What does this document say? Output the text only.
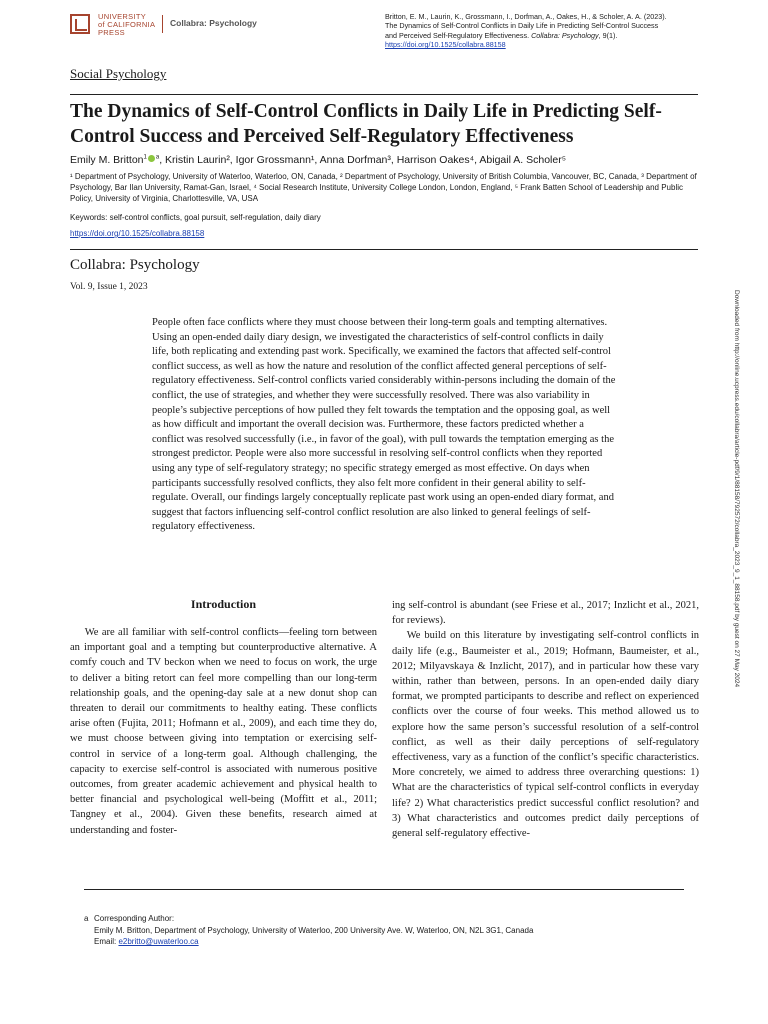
UNIVERSITY
of CALIFORNIA
PRESS
Collabra: Psychology
Britton, E. M., Laurin, K., Grossmann, I., Dorfman, A., Oakes, H., & Scholer, A. A. (2023).
The Dynamics of Self-Control Conflicts in Daily Life in Predicting Self-Control Success
and Perceived Self-Regulatory Effectiveness. Collabra: Psychology, 9(1).
https://doi.org/10.1525/collabra.88158
Social Psychology
The Dynamics of Self-Control Conflicts in Daily Life in Predicting Self-Control Success and Perceived Self-Regulatory Effectiveness
Emily M. Britton$^1$ $^a$, Kristin Laurin², Igor Grossmann¹, Anna Dorfman³, Harrison Oakes⁴, Abigail A. Scholer⁵
¹ Department of Psychology, University of Waterloo, Waterloo, ON, Canada, ² Department of Psychology, University of British Columbia, Vancouver, BC, Canada, ³ Department of Psychology, Bar Ilan University, Ramat-Gan, Israel, ⁴ Social Research Institute, University College London, London, England, ⁵ Frank Batten School of Leadership and Public Policy, University of Virginia, Charlottesville, VA, USA
Keywords: self-control conflicts, goal pursuit, self-regulation, daily diary
https://doi.org/10.1525/collabra.88158
Collabra: Psychology
Vol. 9, Issue 1, 2023
People often face conflicts where they must choose between their long-term goals and tempting alternatives. Using an open-ended daily diary design, we investigated the characteristics of self-control conflicts in daily life, both replicating and extending past work. Specifically, we examined the factors that affected self-control conflict success, as well as how the nature and resolution of the conflict affected general perceptions of self-regulatory effectiveness. Self-control conflicts varied considerably within-persons including the domain of the conflict, the use of strategies, and whether they were successfully resolved. There was also variability in people’s subjective perceptions of how pulled they felt towards the temptation and the opposing goal, as well as how difficult and important the overall decision was. Furthermore, these factors predicted whether a conflict was resolved successfully (i.e., in favor of the goal), with pull towards the temptation emerging as the strongest predictor. People were also more successful in resolving self-control conflicts when they reported using any type of self-regulatory strategy; no specific strategy emerged as most effective. On days when participants successfully resolved conflicts, they also felt more confident in their general ability to self-regulate. Overall, our findings largely conceptually replicate past work using an open-ended diary format, and suggest that factors influencing self-control conflict resolution are also linked to general feelings of self-regulatory effectiveness.
Introduction

We are all familiar with self-control conflicts—feeling torn between an important goal and a tempting but counterproductive alternative. A comfy couch and TV beckon when we need to focus on work, the urge to deliver a biting retort can feel more compelling than our long-term relationship goals, and the opening-day sale at a new donut shop can threaten to derail our commitments to healthy eating. These conflicts arise often (Fujita, 2011; Hofmann et al., 2009), and each time they do, we must choose between giving into temptation or exercising self-control in service of a long-term goal. Although challenging, the capacity to exercise self-control is associated with numerous positive outcomes, from greater academic achievement and physical health to better financial and psychological well-being (Moffitt et al., 2011; Tangney et al., 2004). Given these benefits, research aimed at understanding and foster-

ing self-control is abundant (see Friese et al., 2017; Inzlicht et al., 2021, for reviews).

We build on this literature by investigating self-control conflicts in daily life (e.g., Baumeister et al., 2019; Hofmann, Baumeister, et al., 2012; Milyavskaya & Inzlicht, 2017), and in particular how these vary within, rather than between, persons. In an open-ended daily diary format, we prompted participants to describe and reflect on experienced conflicts over the course of four weeks. This method allowed us to explore how the same person’s successful resolution of a self-control conflict, as well as their daily perceptions of self-regulatory effectiveness, vary as a function of the conflict’s specific characteristics. More concretely, we aimed to address three overarching questions: 1) What are the characteristics of typical self-control conflicts in everyday life? 2) What characteristics predict successful conflict resolution? and 3) What characteristics and outcomes predict daily perceptions of general self-regulatory effective-

a Corresponding Author:
Emily M. Britton, Department of Psychology, University of Waterloo, 200 University Ave. W, Waterloo, ON, N2L 3G1, Canada
Email: e2britto@uwaterloo.ca
Downloaded from http://online.ucpress.edu/collabra/article-pdf/9/1/88158/792572/collabra_2023_9_1_88158.pdf by guest on 27 May 2024
